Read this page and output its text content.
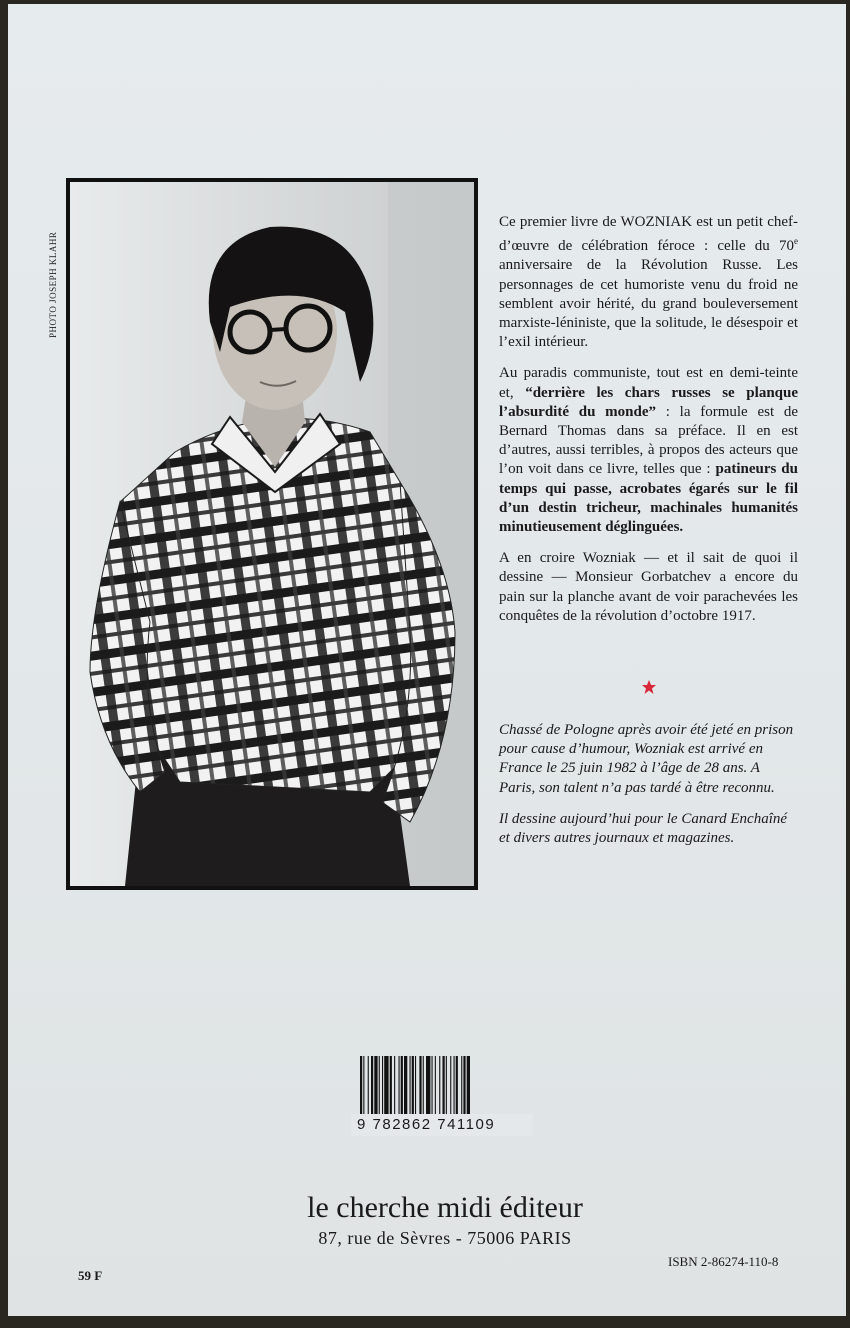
PHOTO JOSEPH KLAHR

Ce premier livre de WOZNIAK est un petit chef-d’œuvre de célébration féroce : celle du 70e anniversaire de la Révolution Russe. Les personnages de cet humoriste venu du froid ne semblent avoir hérité, du grand bouleversement marxiste-léniniste, que la solitude, le désespoir et l’exil intérieur.

Au paradis communiste, tout est en demi-teinte et, “derrière les chars russes se planque l’absurdité du monde” : la formule est de Bernard Thomas dans sa préface. Il en est d’autres, aussi terribles, à propos des acteurs que l’on voit dans ce livre, telles que : patineurs du temps qui passe, acrobates égarés sur le fil d’un destin tricheur, machinales humanités minutieusement déglinguées.

A en croire Wozniak — et il sait de quoi il dessine — Monsieur Gorbatchev a encore du pain sur la planche avant de voir parachevées les conquêtes de la révolution d’octobre 1917.

Chassé de Pologne après avoir été jeté en prison pour cause d’humour, Wozniak est arrivé en France le 25 juin 1982 à l’âge de 28 ans. A Paris, son talent n’a pas tardé à être reconnu.

Il dessine aujourd’hui pour le Canard Enchaîné et divers autres journaux et magazines.

9 782862 741109
le cherche midi éditeur
87, rue de Sèvres - 75006 PARIS
59 F
ISBN 2-86274-110-8
